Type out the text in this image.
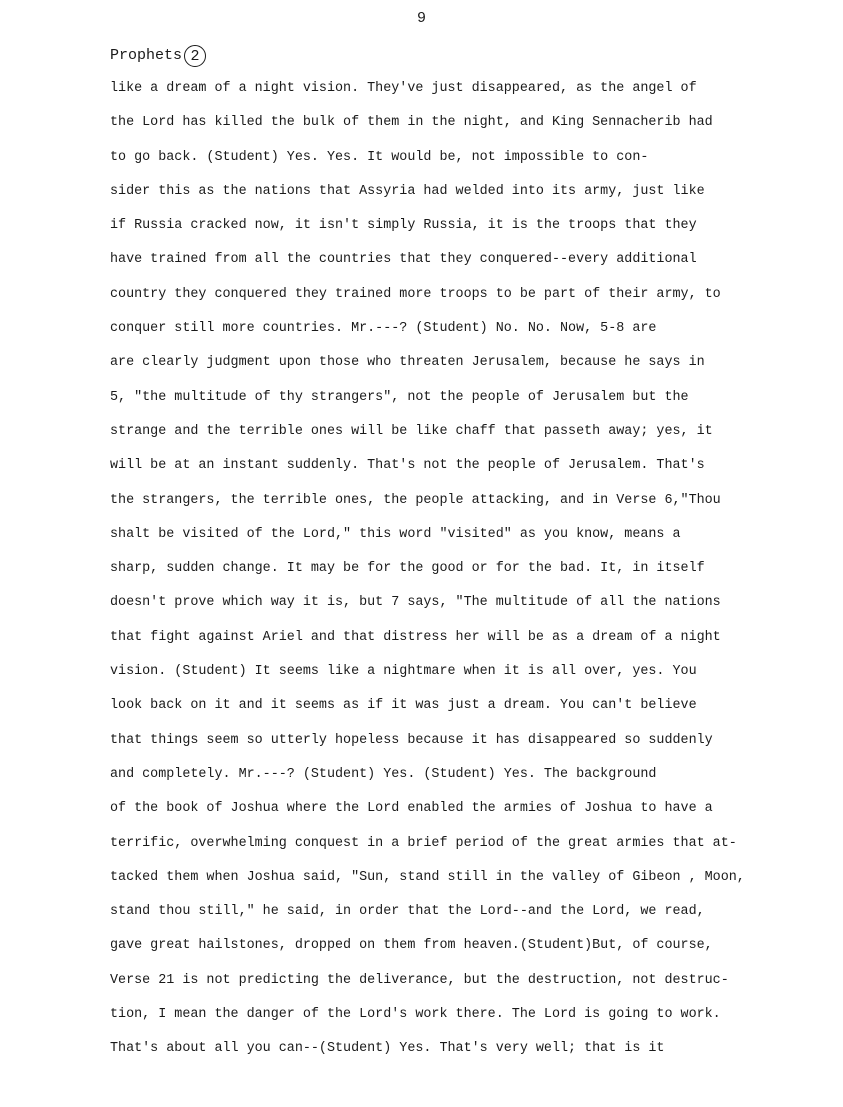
9
Prophets 2
like a dream of a night vision. They've just disappeared, as the angel of
the Lord has killed the bulk of them in the night, and King Sennacherib had
to go back. (Student) Yes. Yes. It would be, not impossible to con-
sider this as the nations that Assyria had welded into its army, just like
if Russia cracked now, it isn't simply Russia, it is the troops that they
have trained from all the countries that they conquered--every additional
country they conquered they trained more troops to be part of their army, to
conquer still more countries. Mr.---? (Student) No. No. Now, 5-8 are
are clearly judgment upon those who threaten Jerusalem, because he says in
5, "the multitude of thy strangers", not the people of Jerusalem but the
strange and the terrible ones will be like chaff that passeth away; yes, it
will be at an instant suddenly. That's not the people of Jerusalem. That's
the strangers, the terrible ones, the people attacking, and in Verse 6,"Thou
shalt be visited of the Lord," this word "visited" as you know, means a
sharp, sudden change. It may be for the good or for the bad. It, in itself
doesn't prove which way it is, but 7 says, "The multitude of all the nations
that fight against Ariel and that distress her will be as a dream of a night
vision. (Student) It seems like a nightmare when it is all over, yes. You
look back on it and it seems as if it was just a dream. You can't believe
that things seem so utterly hopeless because it has disappeared so suddenly
and completely. Mr.---? (Student) Yes. (Student) Yes. The background
of the book of Joshua where the Lord enabled the armies of Joshua to have a
terrific, overwhelming conquest in a brief period of the great armies that at-
tacked them when Joshua said, "Sun, stand still in the valley of Gibeon , Moon,
stand thou still," he said, in order that the Lord--and the Lord, we read,
gave great hailstones, dropped on them from heaven.(Student)But, of course,
Verse 21 is not predicting the deliverance, but the destruction, not destruc-
tion, I mean the danger of the Lord's work there. The Lord is going to work.
That's about all you can--(Student) Yes. That's very well; that is it
